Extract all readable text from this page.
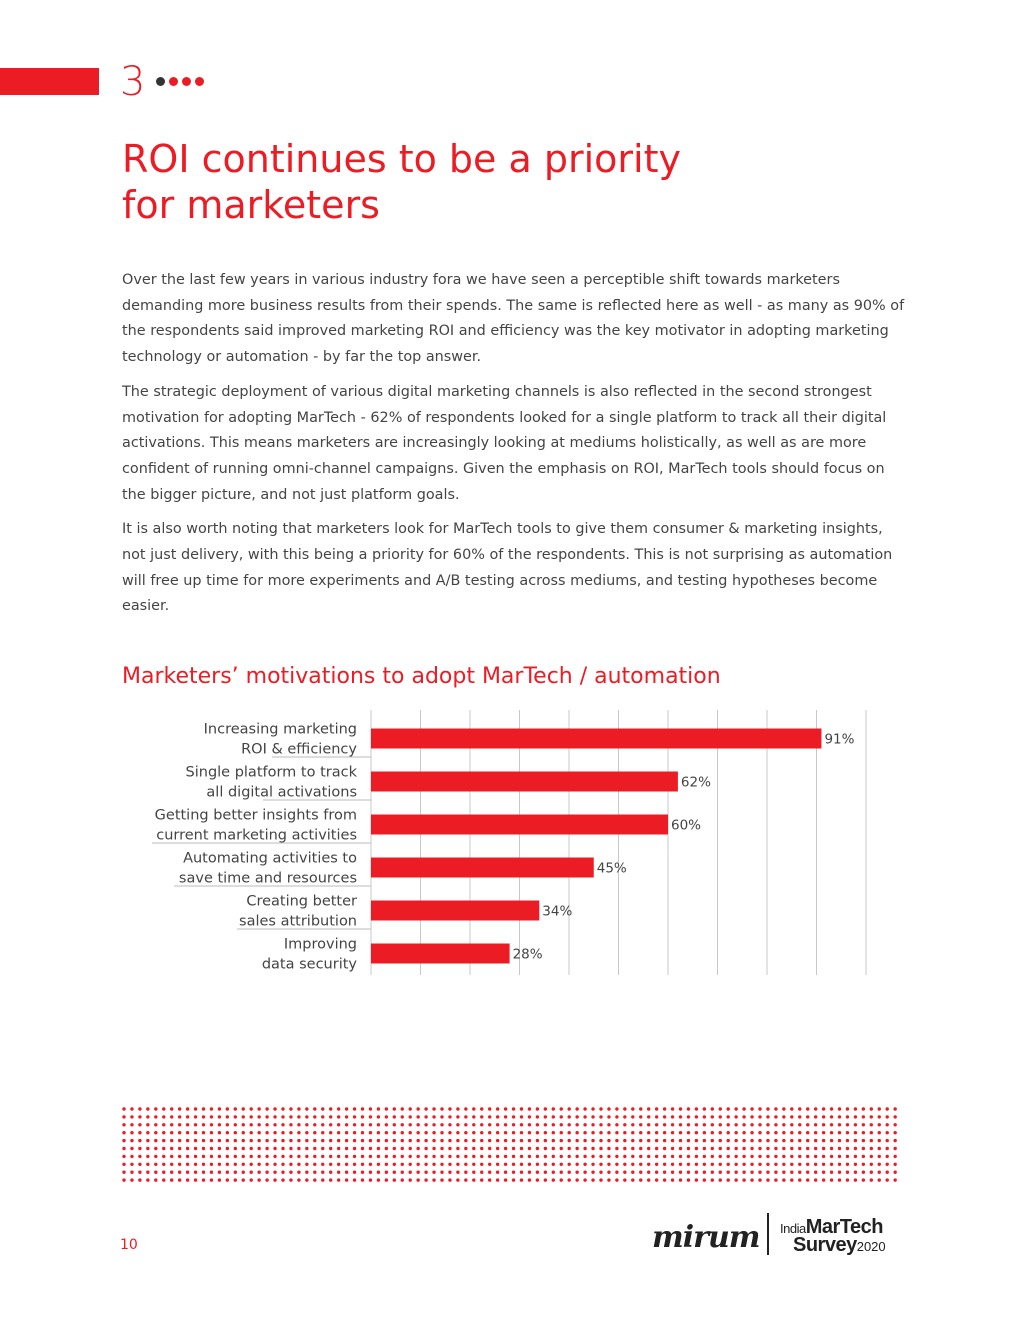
3
ROI continues to be a priority
for marketers

Over the last few years in various industry fora we have seen a perceptible shift towards marketers demanding more business results from their spends. The same is reflected here as well - as many as 90% of the respondents said improved marketing ROI and efficiency was the key motivator in adopting marketing technology or automation - by far the top answer.

The strategic deployment of various digital marketing channels is also reflected in the second strongest motivation for adopting MarTech - 62% of respondents looked for a single platform to track all their digital activations. This means marketers are increasingly looking at mediums holistically, as well as are more confident of running omni-channel campaigns. Given the emphasis on ROI, MarTech tools should focus on the bigger picture, and not just platform goals.

It is also worth noting that marketers look for MarTech tools to give them consumer & marketing insights, not just delivery, with this being a priority for 60% of the respondents. This is not surprising as automation will free up time for more experiments and A/B testing across mediums, and testing hypotheses become easier.

Marketers’ motivations to adopt MarTech / automation
91%
Increasing marketing ROI & efficiency
62%
Single platform to track all digital activations
60%
Getting better insights from current marketing activities
45%
Automating activities to save time and resources
34%
Creating better sales attribution
28%
Improving data security
10	mirum IndiaMarTech
Survey2020
